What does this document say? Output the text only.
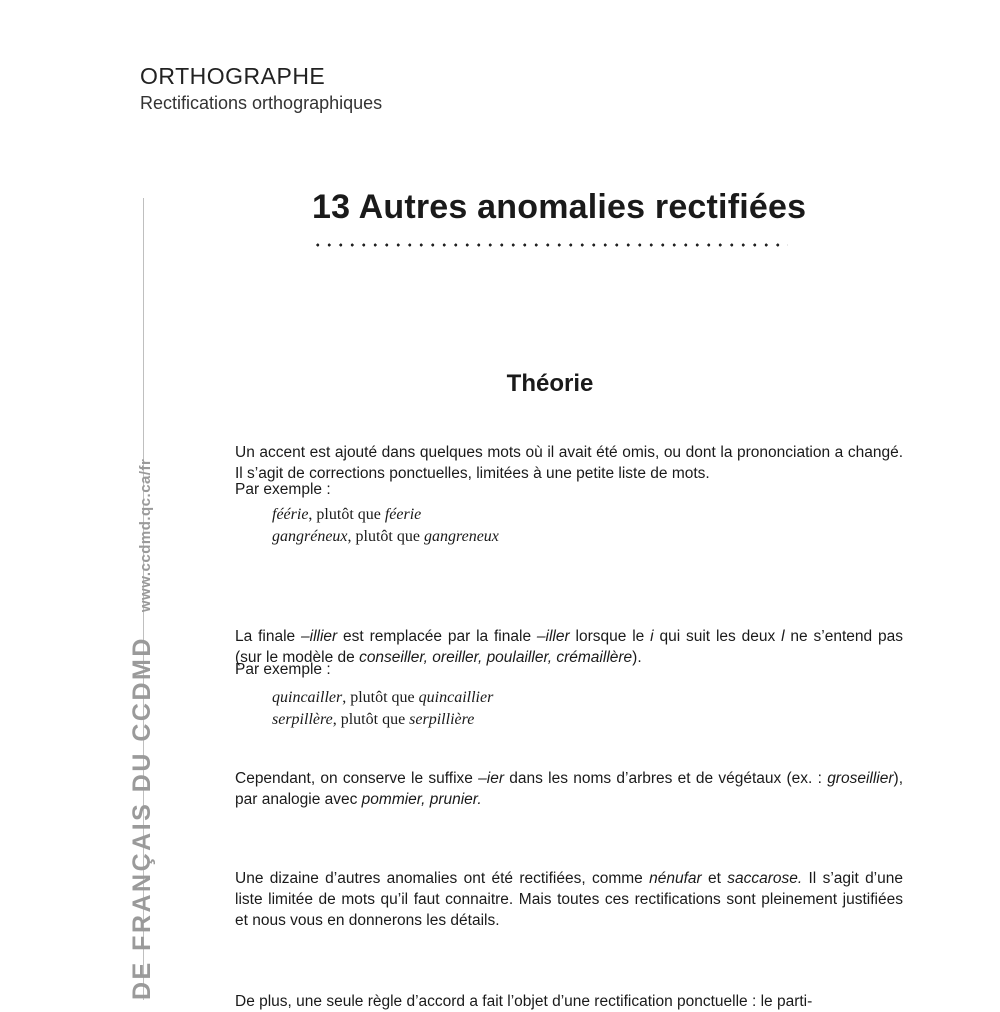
ORTHOGRAPHE
Rectifications orthographiques
DE FRANÇAIS DU CCDMDwww.ccdmd.qc.ca/fr
13 Autres anomalies rectifiées
Théorie

Un accent est ajouté dans quelques mots où il avait été omis, ou dont la prononciation a changé. Il s’agit de corrections ponctuelles, limitées à une petite liste de mots.

Par exemple :
féérie, plutôt que féerie
gangréneux, plutôt que gangreneux

La finale –illier est remplacée par la finale –iller lorsque le i qui suit les deux l ne s’entend pas (sur le modèle de conseiller, oreiller, poulailler, crémaillère).

Par exemple :
quincailler, plutôt que quincaillier
serpillère, plutôt que serpillière

Cependant, on conserve le suffixe –ier dans les noms d’arbres et de végétaux (ex. : groseillier), par analogie avec pommier, prunier.

Une dizaine d’autres anomalies ont été rectifiées, comme nénufar et saccarose. Il s’agit d’une liste limitée de mots qu’il faut connaitre. Mais toutes ces rectifications sont pleinement justifiées et nous vous en donnerons les détails.

De plus, une seule règle d’accord a fait l’objet d’une rectification ponctuelle : le parti-
